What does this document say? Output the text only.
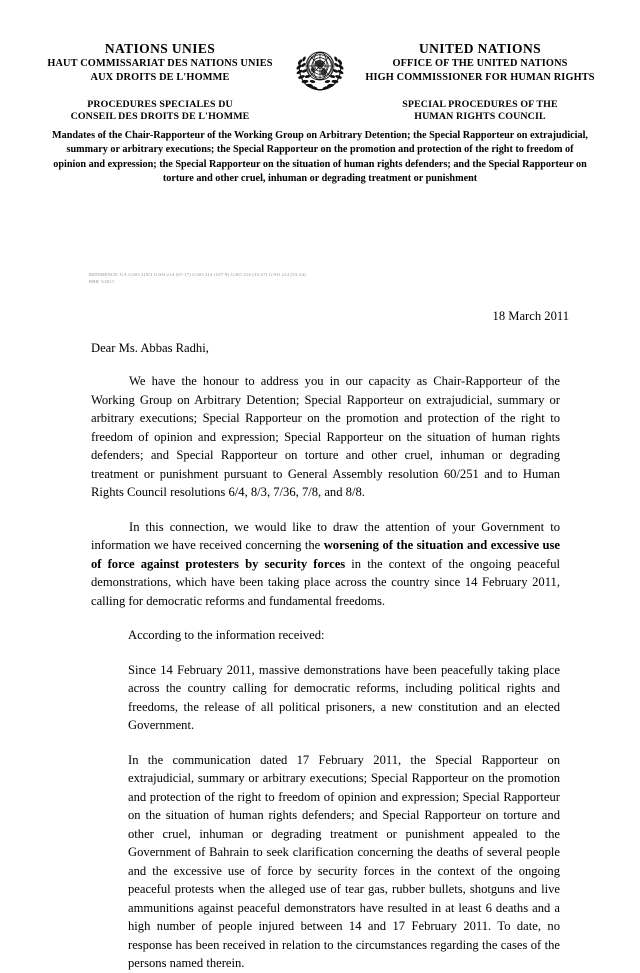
NATIONS UNIES
HAUT COMMISSARIAT DES NATIONS UNIES
AUX DROITS DE L'HOMME
PROCEDURES SPECIALES DU
CONSEIL DES DROITS DE L'HOMME
UNITED NATIONS
OFFICE OF THE UNITED NATIONS
HIGH COMMISSIONER FOR HUMAN RIGHTS
SPECIAL PROCEDURES OF THE
HUMAN RIGHTS COUNCIL
Mandates of the Chair-Rapporteur of the Working Group on Arbitrary Detention; the Special Rapporteur on extrajudicial, summary or arbitrary executions; the Special Rapporteur on the promotion and protection of the right to freedom of opinion and expression; the Special Rapporteur on the situation of human rights defenders; and the Special Rapporteur on torture and other cruel, inhuman or degrading treatment or punishment
REFERENCE: UA G/SO 218/2 G/SO 214 (67-17) G/SO 214 (107-9) G/SO 214 (33-27) G/SO 214 (53-24)
BHR 3/2011
18 March 2011
Dear Ms. Abbas Radhi,

We have the honour to address you in our capacity as Chair-Rapporteur of the Working Group on Arbitrary Detention; Special Rapporteur on extrajudicial, summary or arbitrary executions; Special Rapporteur on the promotion and protection of the right to freedom of opinion and expression; Special Rapporteur on the situation of human rights defenders; and Special Rapporteur on torture and other cruel, inhuman or degrading treatment or punishment pursuant to General Assembly resolution 60/251 and to Human Rights Council resolutions 6/4, 8/3, 7/36, 7/8, and 8/8.

In this connection, we would like to draw the attention of your Government to information we have received concerning the worsening of the situation and excessive use of force against protesters by security forces in the context of the ongoing peaceful demonstrations, which have been taking place across the country since 14 February 2011, calling for democratic reforms and fundamental freedoms.

According to the information received:

Since 14 February 2011, massive demonstrations have been peacefully taking place across the country calling for democratic reforms, including political rights and freedoms, the release of all political prisoners, a new constitution and an elected Government.

In the communication dated 17 February 2011, the Special Rapporteur on extrajudicial, summary or arbitrary executions; Special Rapporteur on the promotion and protection of the right to freedom of opinion and expression; Special Rapporteur on the situation of human rights defenders; and Special Rapporteur on torture and other cruel, inhuman or degrading treatment or punishment appealed to the Government of Bahrain to seek clarification concerning the deaths of several people and the excessive use of force by security forces in the context of the ongoing peaceful protests when the alleged use of tear gas, rubber bullets, shotguns and live ammunitions against peaceful demonstrators have resulted in at least 6 deaths and a high number of people injured between 14 and 17 February 2011. To date, no response has been received in relation to the circumstances regarding the cases of the persons named therein.
